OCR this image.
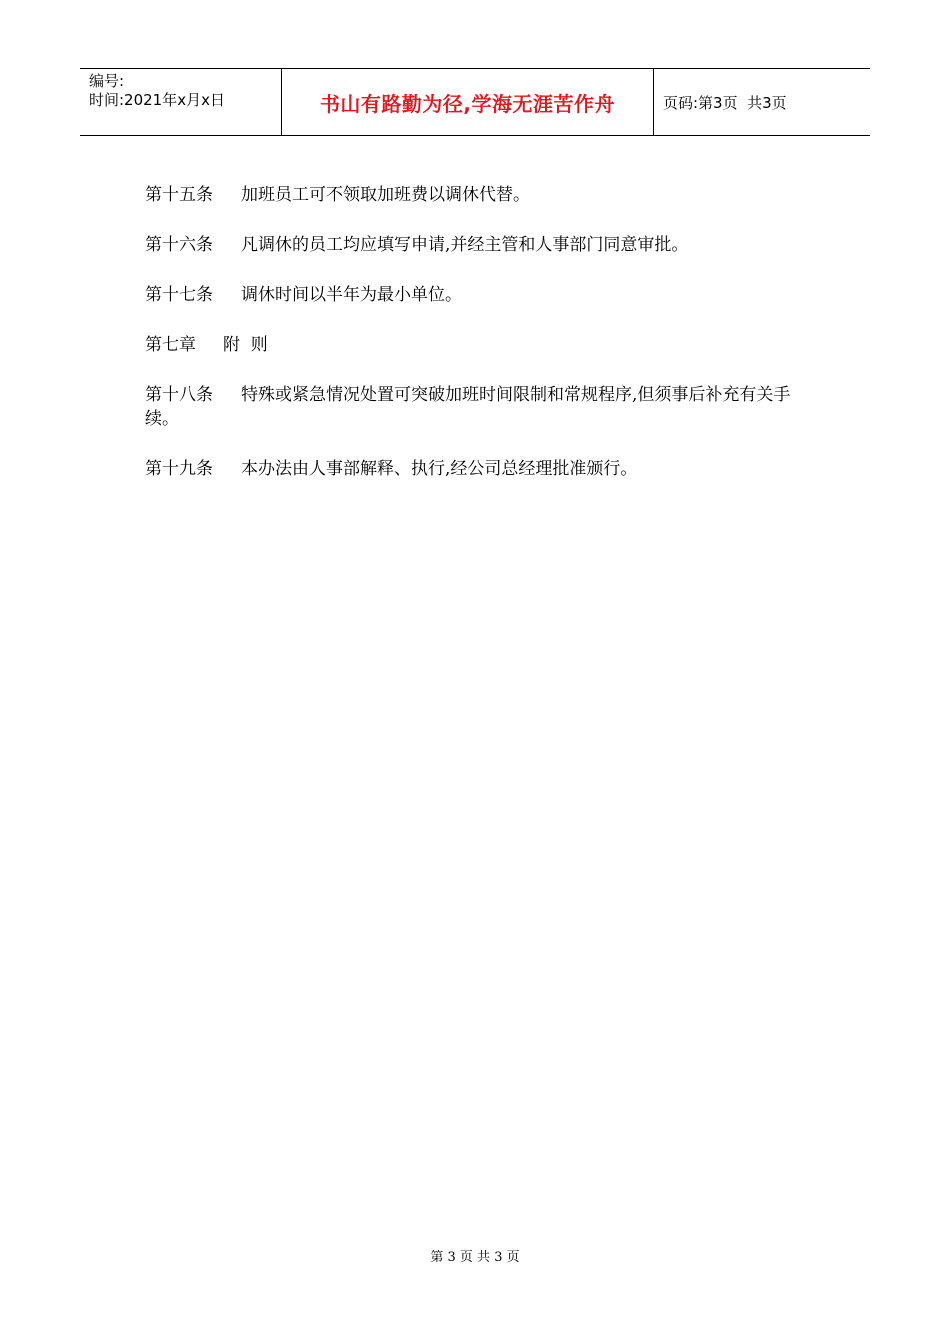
编号:
时间:2021年x月x日	书山有路勤为径,学海无涯苦作舟	页码:第3页  共3页

第十五条 加班员工可不领取加班费以调休代替。

第十六条 凡调休的员工均应填写申请,并经主管和人事部门同意审批。

第十七条 调休时间以半年为最小单位。

第七章 附  则

第十八条 特殊或紧急情况处置可突破加班时间限制和常规程序,但须事后补充有关手续。

第十九条 本办法由人事部解释、执行,经公司总经理批准颁行。

第 3 页 共 3 页
